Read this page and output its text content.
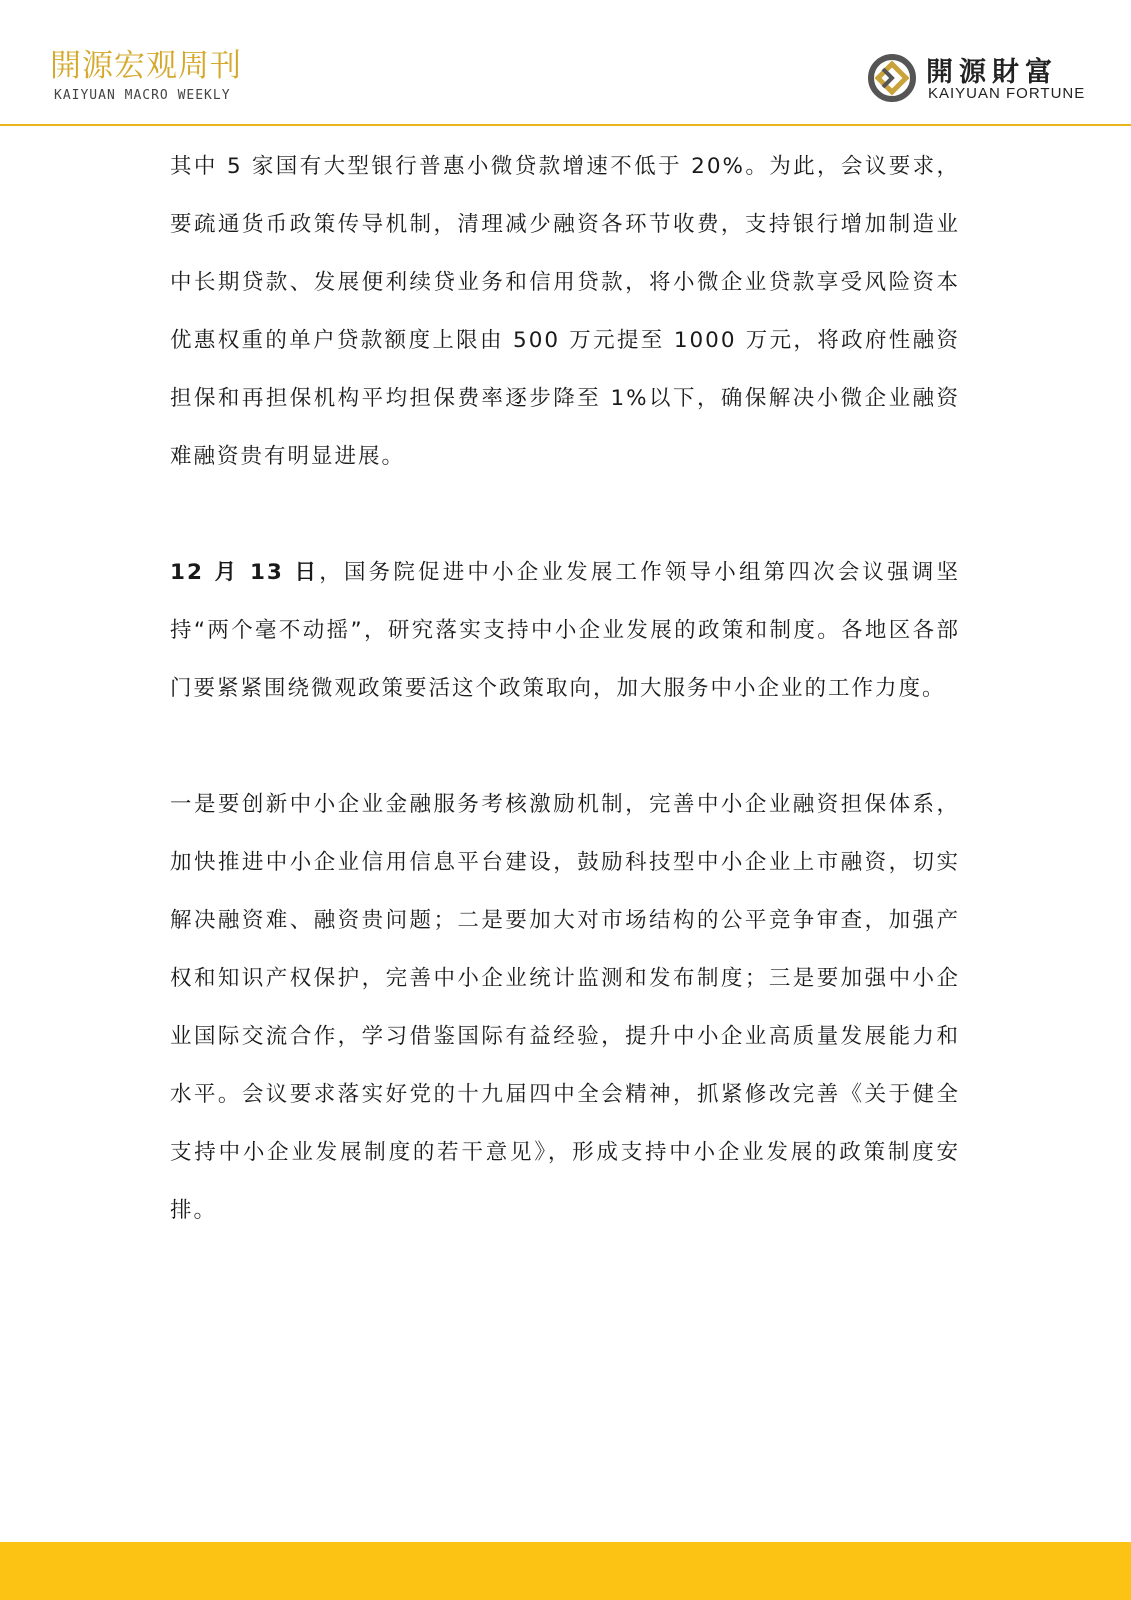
開源宏观周刊
KAIYUAN MACRO WEEKLY
開源財富
KAIYUAN FORTUNE

其中 5 家国有大型银行普惠小微贷款增速不低于 20%。为此，会议要求，要疏通货币政策传导机制，清理减少融资各环节收费，支持银行增加制造业中长期贷款、发展便利续贷业务和信用贷款，将小微企业贷款享受风险资本优惠权重的单户贷款额度上限由 500 万元提至 1000 万元，将政府性融资担保和再担保机构平均担保费率逐步降至 1%以下，确保解决小微企业融资难融资贵有明显进展。

12 月 13 日，国务院促进中小企业发展工作领导小组第四次会议强调坚持“两个毫不动摇”，研究落实支持中小企业发展的政策和制度。各地区各部门要紧紧围绕微观政策要活这个政策取向，加大服务中小企业的工作力度。

一是要创新中小企业金融服务考核激励机制，完善中小企业融资担保体系，加快推进中小企业信用信息平台建设，鼓励科技型中小企业上市融资，切实解决融资难、融资贵问题；二是要加大对市场结构的公平竞争审查，加强产权和知识产权保护，完善中小企业统计监测和发布制度；三是要加强中小企业国际交流合作，学习借鉴国际有益经验，提升中小企业高质量发展能力和水平。会议要求落实好党的十九届四中全会精神，抓紧修改完善《关于健全支持中小企业发展制度的若干意见》，形成支持中小企业发展的政策制度安排。
